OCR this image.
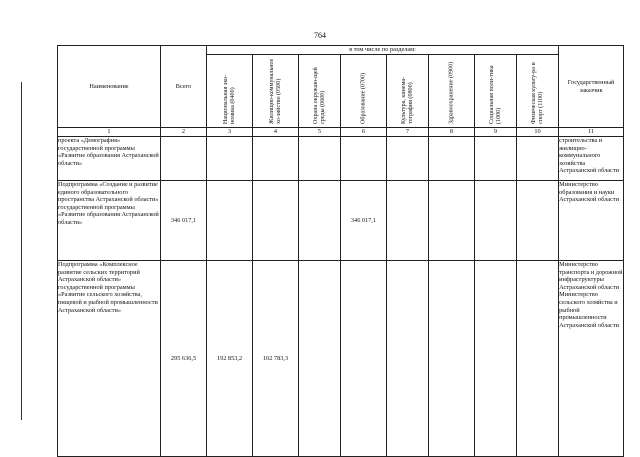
764
Наименование	Всего	в том числе по разделам:								Государственный заказчик

		Национальная эко-номика (0400)	Жилищно-коммунальное хо-зяйство (0500)	Охрана окружаю-щей среды (0600)	Образование (0700)	Культура, кинема-тография (0800)	Здравоохранение (0900)	Социальная поли-тика (1000)	Физическая культу-ра и спорт (1100)	

1	2	3	4	5	6	7	8	9	10	11
проекта «Демография» государственной программы «Развитие образования Астраханской области»										строительства и жилищно-коммунального хозяйства Астраханской области
Подпрограмма «Создание и развитие единого образовательного пространства Астраханской области» государственной программы «Развитие образования Астраханской области»	346 017,1				346 017,1					Министерство образования и науки Астраханской области
Подпрограмма «Комплексное развитие сельских территорий Астраханской области» государственной программы «Развитие сельского хозяйства, пищевой и рыбной промышленности Астраханской области»	295 636,5	192 853,2	102 783,3							Министерство транспорта и дорожной инфраструктуры Астраханской области Министерство сельского хозяйства и рыбной промышленности Астраханской области
